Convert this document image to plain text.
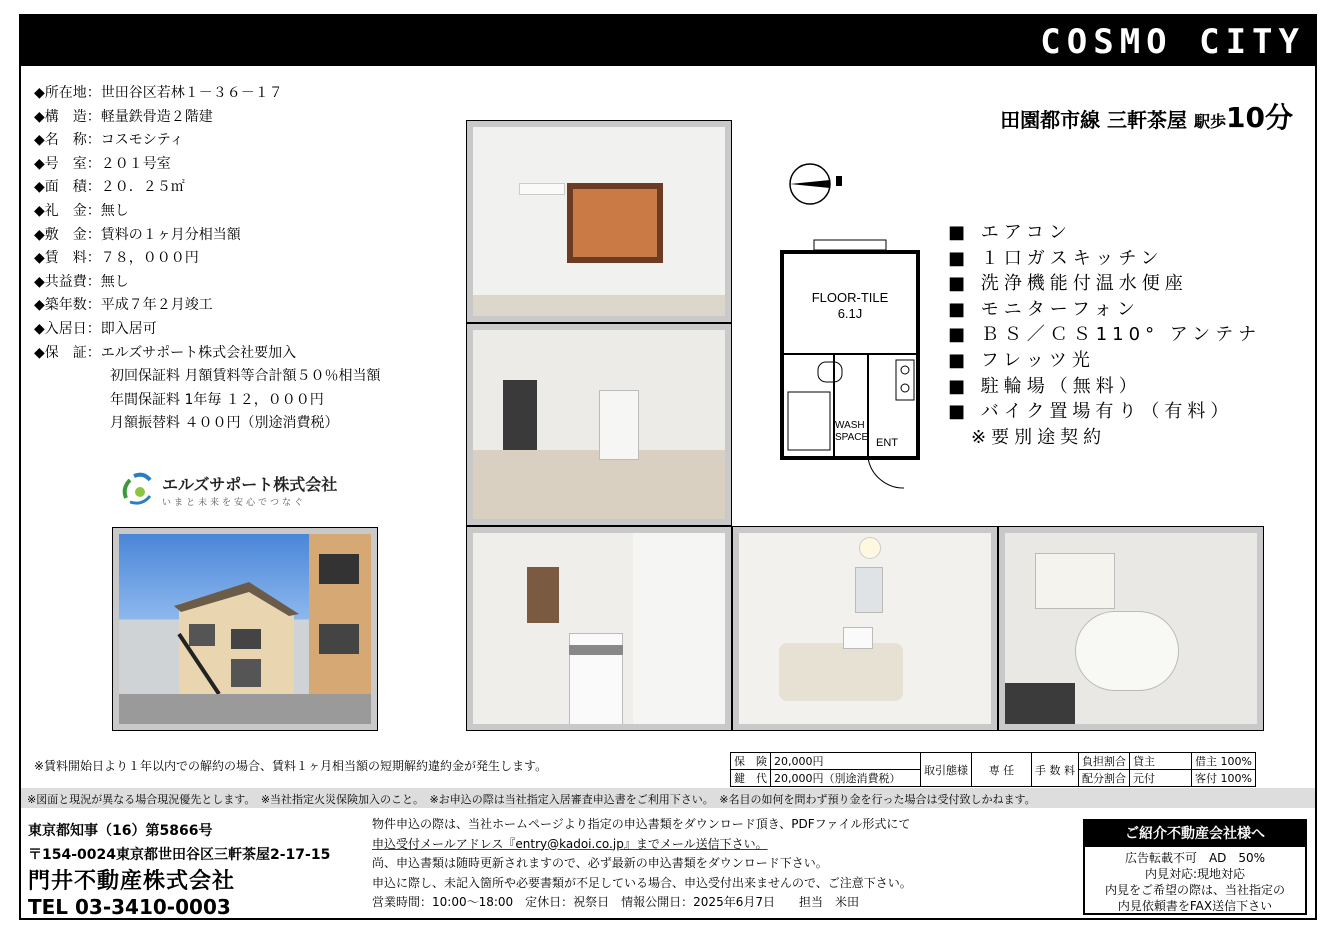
COSMO CITY
◆所在地：世田谷区若林１－３６－１７
◆構　造：軽量鉄骨造２階建
◆名　称：コスモシティ
◆号　室：２０１号室
◆面　積：２０．２５㎡
◆礼　金：無し
◆敷　金：賃料の１ヶ月分相当額
◆賃　料：７８，０００円
◆共益費：無し
◆築年数：平成７年２月竣工
◆入居日：即入居可
◆保　証：エルズサポート株式会社要加入
初回保証料 月額賃料等合計額５０％相当額
年間保証料 1年毎 １２，０００円
月額振替料 ４００円（別途消費税）
エルズサポート株式会社
いまと未来を安心でつなぐ
田園都市線 三軒茶屋 駅歩10分
FLOOR-TILE
6.1J
WASH
SPACE ENT
■ エアコン
■ １口ガスキッチン
■ 洗浄機能付温水便座
■ モニターフォン
■ ＢＳ／ＣＳ110° アンテナ
■ フレッツ光
■ 駐輪場（無料）
■ バイク置場有り（有料）
　※要別途契約
※賃料開始日より１年以内での解約の場合、賃料１ヶ月相当額の短期解約違約金が発生します。	保　険	20,000円	取引態様	専 任	手 数 料	負担割合	貸主	借主 100%
鍵　代	20,000円（別途消費税）				配分割合	元付	客付 100%
※図面と現況が異なる場合現況優先とします。　※当社指定火災保険加入のこと。　※お申込の際は当社指定入居審査申込書をご利用下さい。　※名目の如何を問わず預り金を行った場合は受付致しかねます。
東京都知事（16）第5866号
〒154-0024東京都世田谷区三軒茶屋2-17-15
門井不動産株式会社
TEL 03-3410-0003
物件申込の際は、当社ホームページより指定の申込書類をダウンロード頂き、PDFファイル形式にて
申込受付メールアドレス『entry@kadoi.co.jp』までメール送信下さい。
尚、申込書類は随時更新されますので、必ず最新の申込書類をダウンロード下さい。
申込に際し、未記入箇所や必要書類が不足している場合、申込受付出来ませんので、ご注意下さい。
営業時間：10:00～18:00　定休日：祝祭日　情報公開日：2025年6月7日　　担当　米田
ご紹介不動産会社様へ
広告転載不可　AD　50%
内見対応:現地対応
内見をご希望の際は、当社指定の
内見依頼書をFAX送信下さい
